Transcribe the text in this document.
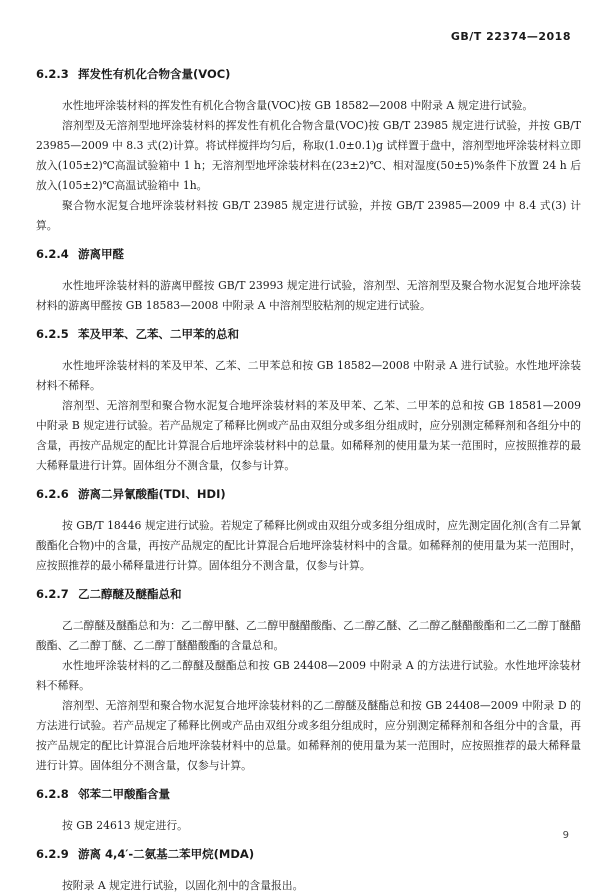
GB/T 22374—2018
6.2.3 挥发性有机化合物含量(VOC)

水性地坪涂装材料的挥发性有机化合物含量(VOC)按 GB 18582—2008 中附录 A 规定进行试验。

溶剂型及无溶剂型地坪涂装材料的挥发性有机化合物含量(VOC)按 GB/T 23985 规定进行试验，并按 GB/T 23985—2009 中 8.3 式(2)计算。将试样搅拌均匀后，称取(1.0±0.1)g 试样置于盘中，溶剂型地坪涂装材料立即放入(105±2)℃高温试验箱中 1 h；无溶剂型地坪涂装材料在(23±2)℃、相对湿度(50±5)%条件下放置 24 h 后放入(105±2)℃高温试验箱中 1h。

聚合物水泥复合地坪涂装材料按 GB/T 23985 规定进行试验，并按 GB/T 23985—2009 中 8.4 式(3) 计算。

6.2.4 游离甲醛

水性地坪涂装材料的游离甲醛按 GB/T 23993 规定进行试验，溶剂型、无溶剂型及聚合物水泥复合地坪涂装材料的游离甲醛按 GB 18583—2008 中附录 A 中溶剂型胶粘剂的规定进行试验。

6.2.5 苯及甲苯、乙苯、二甲苯的总和

水性地坪涂装材料的苯及甲苯、乙苯、二甲苯总和按 GB 18582—2008 中附录 A 进行试验。水性地坪涂装材料不稀释。

溶剂型、无溶剂型和聚合物水泥复合地坪涂装材料的苯及甲苯、乙苯、二甲苯的总和按 GB 18581—2009 中附录 B 规定进行试验。若产品规定了稀释比例或产品由双组分或多组分组成时，应分别测定稀释剂和各组分中的含量，再按产品规定的配比计算混合后地坪涂装材料中的总量。如稀释剂的使用量为某一范围时，应按照推荐的最大稀释量进行计算。固体组分不测含量，仅参与计算。

6.2.6 游离二异氰酸酯(TDI、HDI)

按 GB/T 18446 规定进行试验。若规定了稀释比例或由双组分或多组分组成时，应先测定固化剂(含有二异氰酸酯化合物)中的含量，再按产品规定的配比计算混合后地坪涂装材料中的含量。如稀释剂的使用量为某一范围时，应按照推荐的最小稀释量进行计算。固体组分不测含量，仅参与计算。

6.2.7 乙二醇醚及醚酯总和

乙二醇醚及醚酯总和为：乙二醇甲醚、乙二醇甲醚醋酸酯、乙二醇乙醚、乙二醇乙醚醋酸酯和二乙二醇丁醚醋酸酯、乙二醇丁醚、乙二醇丁醚醋酸酯的含量总和。

水性地坪涂装材料的乙二醇醚及醚酯总和按 GB 24408—2009 中附录 A 的方法进行试验。水性地坪涂装材料不稀释。

溶剂型、无溶剂型和聚合物水泥复合地坪涂装材料的乙二醇醚及醚酯总和按 GB 24408—2009 中附录 D 的方法进行试验。若产品规定了稀释比例或产品由双组分或多组分组成时，应分别测定稀释剂和各组分中的含量，再按产品规定的配比计算混合后地坪涂装材料中的总量。如稀释剂的使用量为某一范围时，应按照推荐的最大稀释量进行计算。固体组分不测含量，仅参与计算。

6.2.8 邻苯二甲酸酯含量

按 GB 24613 规定进行。

6.2.9 游离 4,4′-二氨基二苯甲烷(MDA)

按附录 A 规定进行试验，以固化剂中的含量报出。

9
